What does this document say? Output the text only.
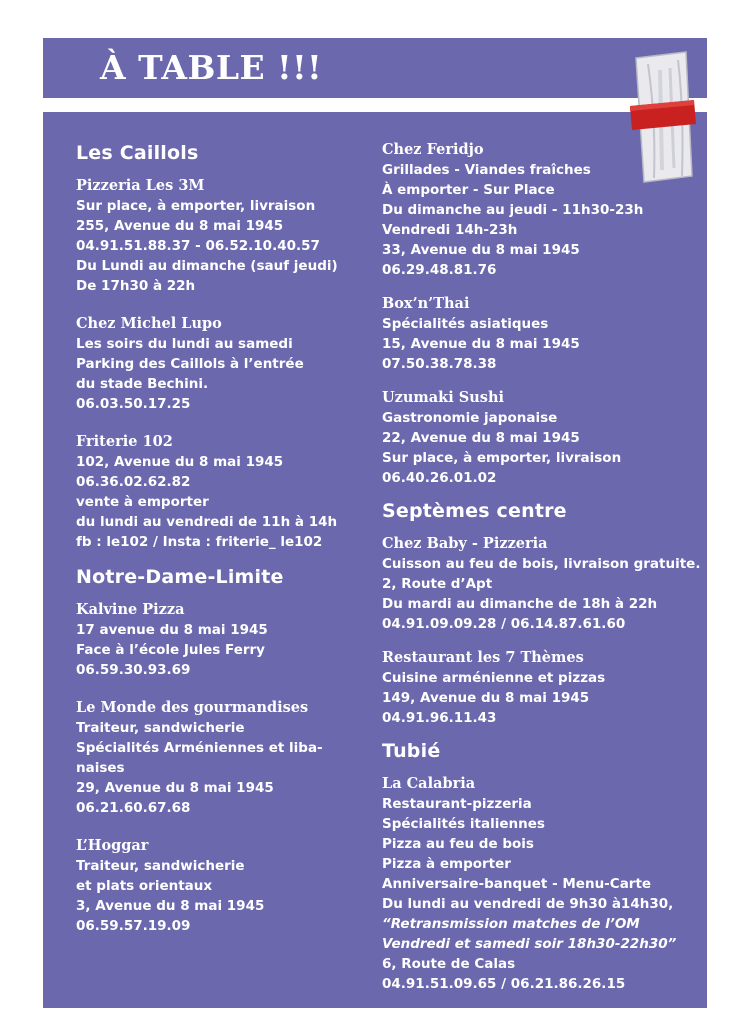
À TABLE !!!
Les Caillols
Pizzeria Les 3M
Sur place, à emporter, livraison
255, Avenue du 8 mai 1945
04.91.51.88.37 - 06.52.10.40.57
Du Lundi au dimanche (sauf jeudi)
De 17h30 à 22h
Chez Michel Lupo
Les soirs du lundi au samedi
Parking des Caillols à l’entrée
du stade Bechini.
06.03.50.17.25
Friterie 102
102, Avenue du 8 mai 1945
06.36.02.62.82
vente à emporter
du lundi au vendredi de 11h à 14h
fb : le102 / Insta : friterie_ le102
Notre-Dame-Limite
Kalvine Pizza
17 avenue du 8 mai 1945
Face à l’école Jules Ferry
06.59.30.93.69
Le Monde des gourmandises
Traiteur, sandwicherie
Spécialités Arméniennes et liba-
naises
29, Avenue du 8 mai 1945
06.21.60.67.68
L’Hoggar
Traiteur, sandwicherie
et plats orientaux
3, Avenue du 8 mai 1945
06.59.57.19.09
Chez Feridjo
Grillades - Viandes fraîches
À emporter - Sur Place
Du dimanche au jeudi - 11h30-23h
Vendredi 14h-23h
33, Avenue du 8 mai 1945
06.29.48.81.76
Box’n’Thai
Spécialités asiatiques
15, Avenue du 8 mai 1945
07.50.38.78.38
Uzumaki Sushi
Gastronomie japonaise
22, Avenue du 8 mai 1945
Sur place, à emporter, livraison
06.40.26.01.02
Septèmes centre
Chez Baby - Pizzeria
Cuisson au feu de bois, livraison gratuite.
2, Route d’Apt
Du mardi au dimanche de 18h à 22h
04.91.09.09.28 / 06.14.87.61.60
Restaurant les 7 Thèmes
Cuisine arménienne et pizzas
149, Avenue du 8 mai 1945
04.91.96.11.43
Tubié
La Calabria
Restaurant-pizzeria
Spécialités italiennes
Pizza au feu de bois
Pizza à emporter
Anniversaire-banquet - Menu-Carte
Du lundi au vendredi de 9h30 à14h30,
“Retransmission matches de l’OM
Vendredi et samedi soir 18h30-22h30”
6, Route de Calas
04.91.51.09.65 / 06.21.86.26.15
